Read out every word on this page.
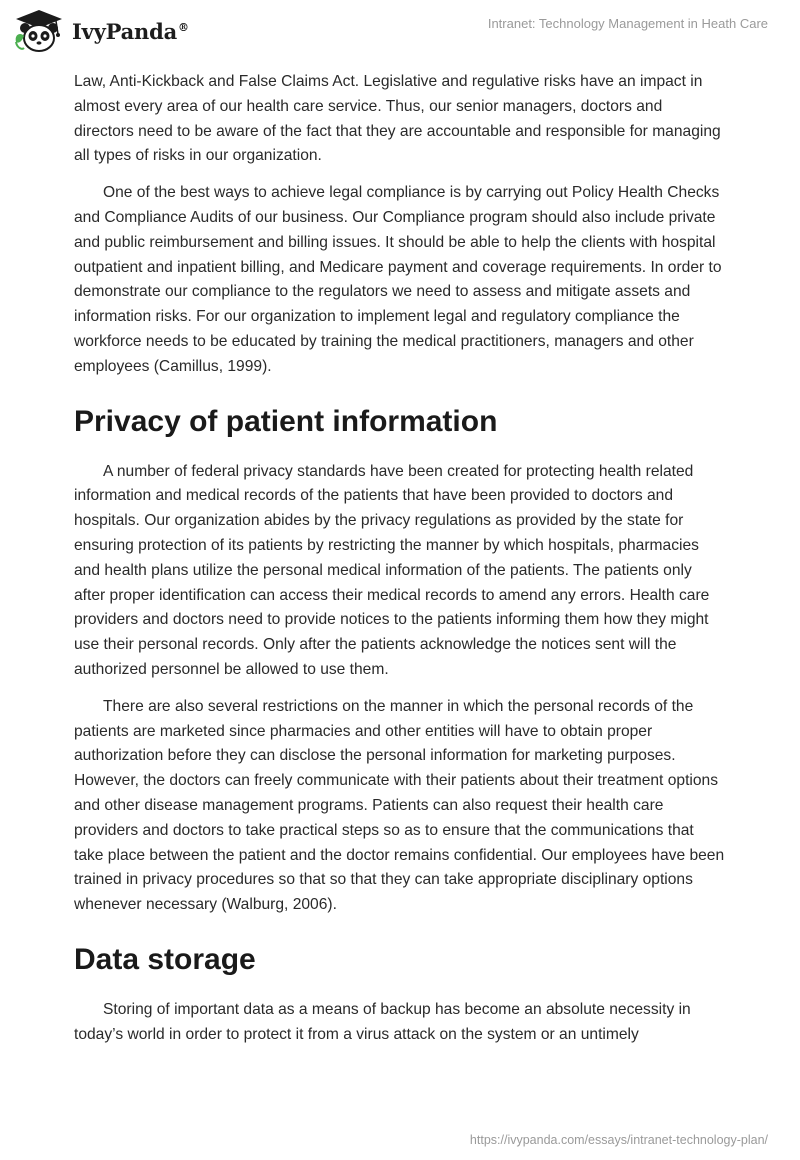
IvyPanda®	Intranet: Technology Management in Heath Care

Law, Anti-Kickback and False Claims Act. Legislative and regulative risks have an impact in almost every area of our health care service. Thus, our senior managers, doctors and directors need to be aware of the fact that they are accountable and responsible for managing all types of risks in our organization.

One of the best ways to achieve legal compliance is by carrying out Policy Health Checks and Compliance Audits of our business. Our Compliance program should also include private and public reimbursement and billing issues. It should be able to help the clients with hospital outpatient and inpatient billing, and Medicare payment and coverage requirements. In order to demonstrate our compliance to the regulators we need to assess and mitigate assets and information risks. For our organization to implement legal and regulatory compliance the workforce needs to be educated by training the medical practitioners, managers and other employees (Camillus, 1999).

Privacy of patient information

A number of federal privacy standards have been created for protecting health related information and medical records of the patients that have been provided to doctors and hospitals. Our organization abides by the privacy regulations as provided by the state for ensuring protection of its patients by restricting the manner by which hospitals, pharmacies and health plans utilize the personal medical information of the patients. The patients only after proper identification can access their medical records to amend any errors. Health care providers and doctors need to provide notices to the patients informing them how they might use their personal records. Only after the patients acknowledge the notices sent will the authorized personnel be allowed to use them.

There are also several restrictions on the manner in which the personal records of the patients are marketed since pharmacies and other entities will have to obtain proper authorization before they can disclose the personal information for marketing purposes. However, the doctors can freely communicate with their patients about their treatment options and other disease management programs. Patients can also request their health care providers and doctors to take practical steps so as to ensure that the communications that take place between the patient and the doctor remains confidential. Our employees have been trained in privacy procedures so that so that they can take appropriate disciplinary options whenever necessary (Walburg, 2006).

Data storage

Storing of important data as a means of backup has become an absolute necessity in today’s world in order to protect it from a virus attack on the system or an untimely

https://ivypanda.com/essays/intranet-technology-plan/
